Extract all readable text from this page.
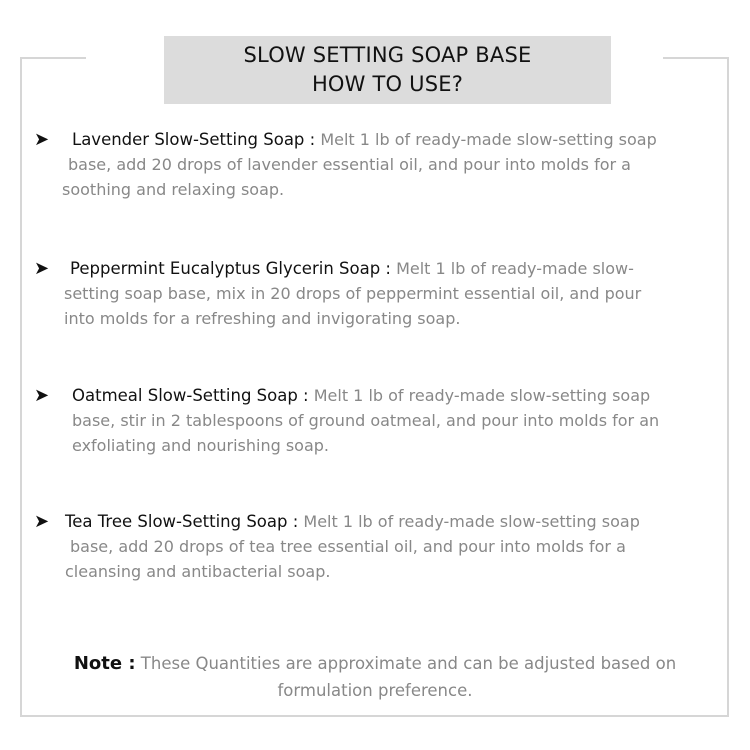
SLOW SETTING SOAP BASE
HOW TO USE?
➤	Lavender Slow-Setting Soap : Melt 1 lb of ready-made slow-setting soap

base, add 20 drops of lavender essential oil, and pour into molds for a

soothing and relaxing soap.

➤	Peppermint Eucalyptus Glycerin Soap : Melt 1 lb of ready-made slow-

setting soap base, mix in 20 drops of peppermint essential oil, and pour

into molds for a refreshing and invigorating soap.

➤	Oatmeal Slow-Setting Soap : Melt 1 lb of ready-made slow-setting soap

base, stir in 2 tablespoons of ground oatmeal, and pour into molds for an

exfoliating and nourishing soap.

➤ Tea Tree Slow-Setting Soap : Melt 1 lb of ready-made slow-setting soap

base, add 20 drops of tea tree essential oil, and pour into molds for a

cleansing and antibacterial soap.

Note : These Quantities are approximate and can be adjusted based on
formulation preference.
